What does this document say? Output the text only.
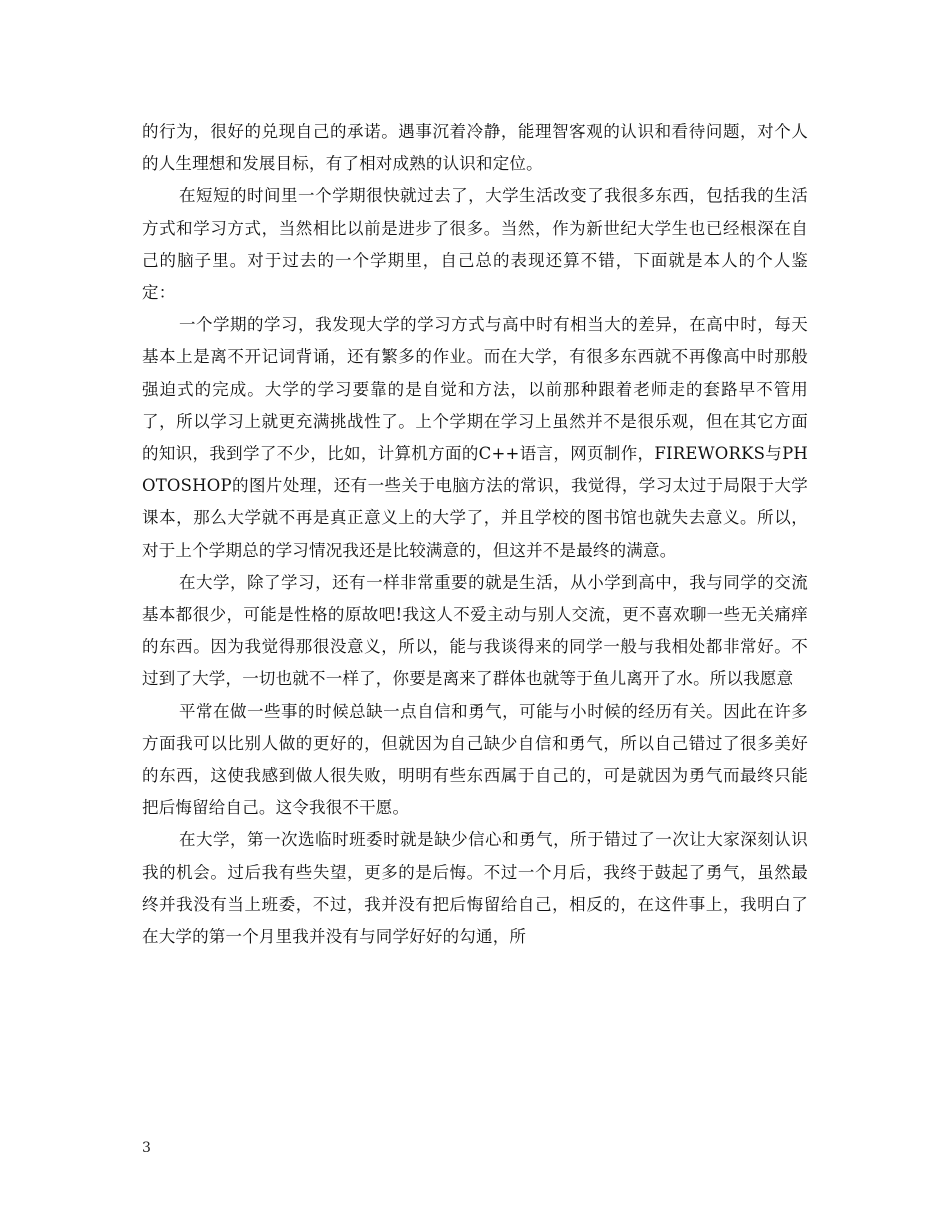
的行为，很好的兑现自己的承诺。遇事沉着冷静，能理智客观的认识和看待问题，对个人的人生理想和发展目标，有了相对成熟的认识和定位。

在短短的时间里一个学期很快就过去了，大学生活改变了我很多东西，包括我的生活方式和学习方式，当然相比以前是进步了很多。当然，作为新世纪大学生也已经根深在自己的脑子里。对于过去的一个学期里，自己总的表现还算不错，下面就是本人的个人鉴定：

一个学期的学习，我发现大学的学习方式与高中时有相当大的差异，在高中时，每天基本上是离不开记词背诵，还有繁多的作业。而在大学，有很多东西就不再像高中时那般强迫式的完成。大学的学习要靠的是自觉和方法，以前那种跟着老师走的套路早不管用了，所以学习上就更充满挑战性了。上个学期在学习上虽然并不是很乐观，但在其它方面的知识，我到学了不少，比如，计算机方面的C++语言，网页制作，FIREWORKS与PHOTOSHOP的图片处理，还有一些关于电脑方法的常识，我觉得，学习太过于局限于大学课本，那么大学就不再是真正意义上的大学了，并且学校的图书馆也就失去意义。所以，对于上个学期总的学习情况我还是比较满意的，但这并不是最终的满意。

在大学，除了学习，还有一样非常重要的就是生活，从小学到高中，我与同学的交流基本都很少，可能是性格的原故吧!我这人不爱主动与别人交流，更不喜欢聊一些无关痛痒的东西。因为我觉得那很没意义，所以，能与我谈得来的同学一般与我相处都非常好。不过到了大学，一切也就不一样了，你要是离来了群体也就等于鱼儿离开了水。所以我愿意

平常在做一些事的时候总缺一点自信和勇气，可能与小时候的经历有关。因此在许多方面我可以比别人做的更好的，但就因为自己缺少自信和勇气，所以自己错过了很多美好的东西，这使我感到做人很失败，明明有些东西属于自己的，可是就因为勇气而最终只能把后悔留给自己。这令我很不干愿。

在大学，第一次选临时班委时就是缺少信心和勇气，所于错过了一次让大家深刻认识我的机会。过后我有些失望，更多的是后悔。不过一个月后，我终于鼓起了勇气，虽然最终并我没有当上班委，不过，我并没有把后悔留给自己，相反的，在这件事上，我明白了在大学的第一个月里我并没有与同学好好的勾通，所

3
